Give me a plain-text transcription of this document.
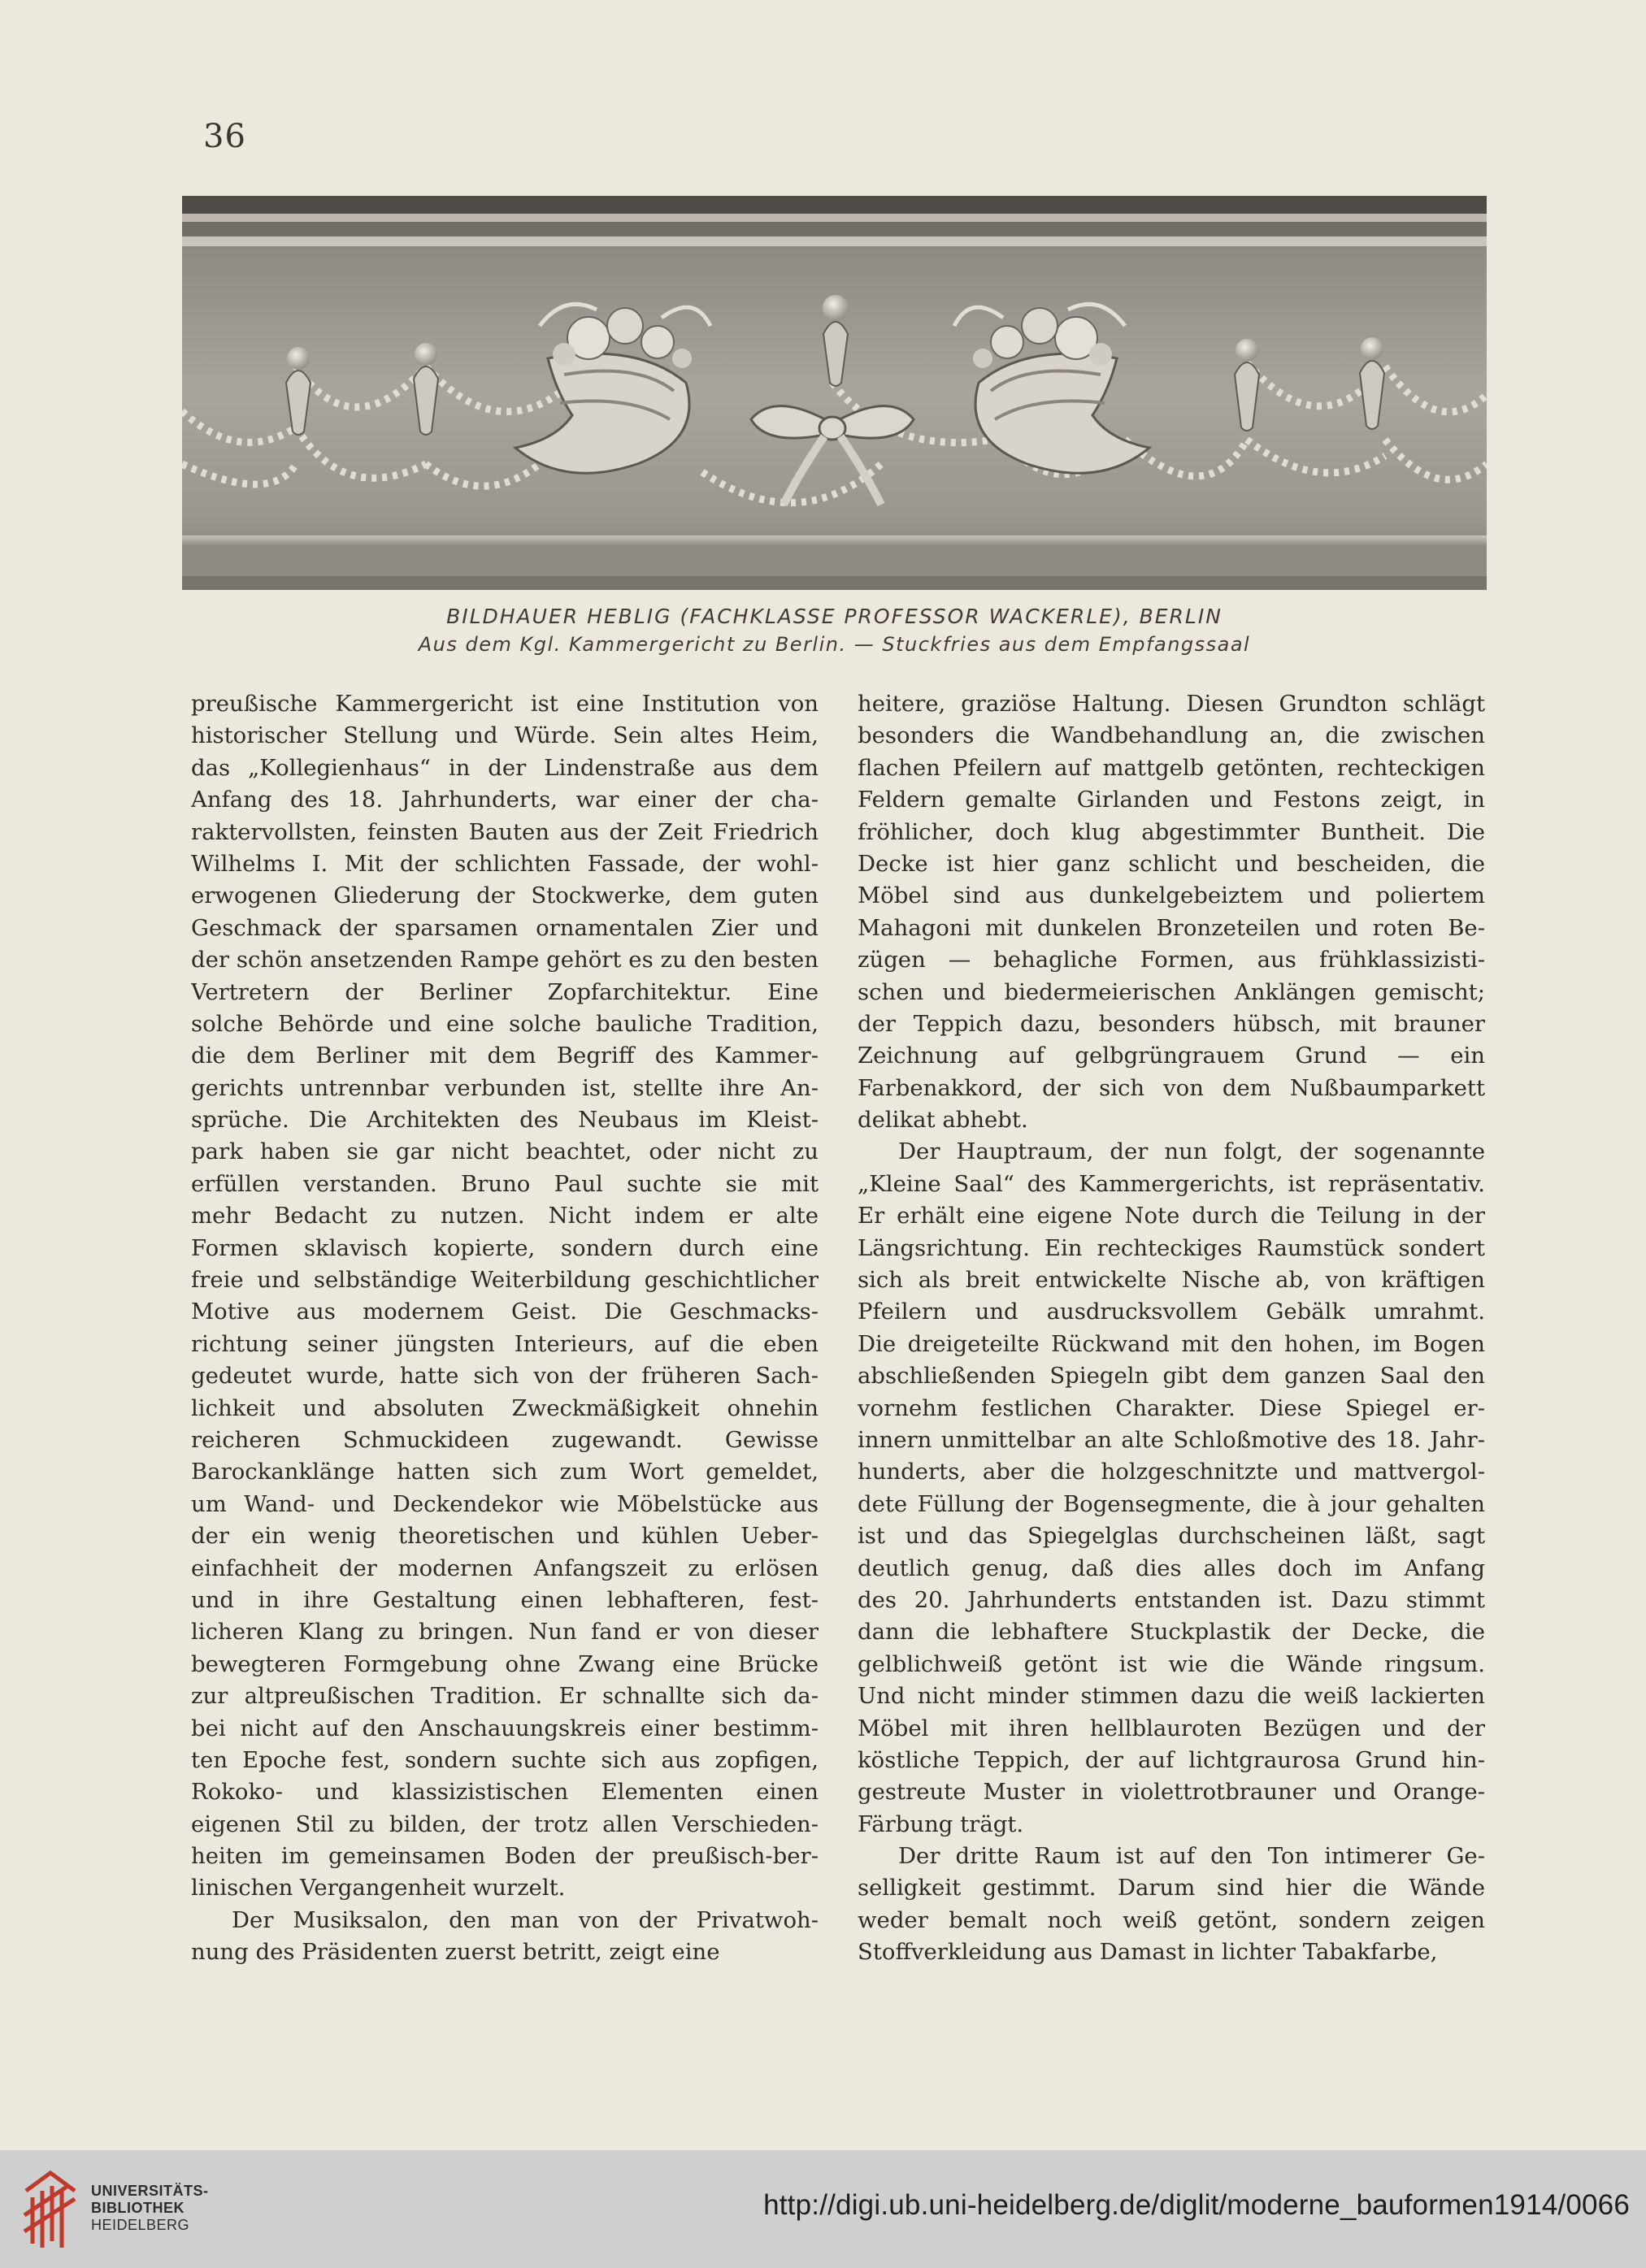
36
BILDHAUER HEBLIG (FACHKLASSE PROFESSOR WACKERLE), BERLIN
Aus dem Kgl. Kammergericht zu Berlin. — Stuckfries aus dem Empfangssaal
preußische Kammergericht ist eine Institution von
historischer Stellung und Würde. Sein altes Heim,
das „Kollegienhaus“ in der Lindenstraße aus dem
Anfang des 18. Jahrhunderts, war einer der cha-
raktervollsten, feinsten Bauten aus der Zeit Friedrich
Wilhelms I. Mit der schlichten Fassade, der wohl-
erwogenen Gliederung der Stockwerke, dem guten
Geschmack der sparsamen ornamentalen Zier und
der schön ansetzenden Rampe gehört es zu den besten
Vertretern der Berliner Zopfarchitektur. Eine
solche Behörde und eine solche bauliche Tradition,
die dem Berliner mit dem Begriff des Kammer-
gerichts untrennbar verbunden ist, stellte ihre An-
sprüche. Die Architekten des Neubaus im Kleist-
park haben sie gar nicht beachtet, oder nicht zu
erfüllen verstanden. Bruno Paul suchte sie mit
mehr Bedacht zu nutzen. Nicht indem er alte
Formen sklavisch kopierte, sondern durch eine
freie und selbständige Weiterbildung geschichtlicher
Motive aus modernem Geist. Die Geschmacks-
richtung seiner jüngsten Interieurs, auf die eben
gedeutet wurde, hatte sich von der früheren Sach-
lichkeit und absoluten Zweckmäßigkeit ohnehin
reicheren Schmuckideen zugewandt. Gewisse
Barockanklänge hatten sich zum Wort gemeldet,
um Wand- und Deckendekor wie Möbelstücke aus
der ein wenig theoretischen und kühlen Ueber-
einfachheit der modernen Anfangszeit zu erlösen
und in ihre Gestaltung einen lebhafteren, fest-
licheren Klang zu bringen. Nun fand er von dieser
bewegteren Formgebung ohne Zwang eine Brücke
zur altpreußischen Tradition. Er schnallte sich da-
bei nicht auf den Anschauungskreis einer bestimm-
ten Epoche fest, sondern suchte sich aus zopfigen,
Rokoko- und klassizistischen Elementen einen
eigenen Stil zu bilden, der trotz allen Verschieden-
heiten im gemeinsamen Boden der preußisch-ber-
linischen Vergangenheit wurzelt.
Der Musiksalon, den man von der Privatwoh-
nung des Präsidenten zuerst betritt, zeigt eine
heitere, graziöse Haltung. Diesen Grundton schlägt
besonders die Wandbehandlung an, die zwischen
flachen Pfeilern auf mattgelb getönten, rechteckigen
Feldern gemalte Girlanden und Festons zeigt, in
fröhlicher, doch klug abgestimmter Buntheit. Die
Decke ist hier ganz schlicht und bescheiden, die
Möbel sind aus dunkelgebeiztem und poliertem
Mahagoni mit dunkelen Bronzeteilen und roten Be-
zügen — behagliche Formen, aus frühklassizisti-
schen und biedermeierischen Anklängen gemischt;
der Teppich dazu, besonders hübsch, mit brauner
Zeichnung auf gelbgrüngrauem Grund — ein
Farbenakkord, der sich von dem Nußbaumparkett
delikat abhebt.
Der Hauptraum, der nun folgt, der sogenannte
„Kleine Saal“ des Kammergerichts, ist repräsentativ.
Er erhält eine eigene Note durch die Teilung in der
Längsrichtung. Ein rechteckiges Raumstück sondert
sich als breit entwickelte Nische ab, von kräftigen
Pfeilern und ausdrucksvollem Gebälk umrahmt.
Die dreigeteilte Rückwand mit den hohen, im Bogen
abschließenden Spiegeln gibt dem ganzen Saal den
vornehm festlichen Charakter. Diese Spiegel er-
innern unmittelbar an alte Schloßmotive des 18. Jahr-
hunderts, aber die holzgeschnitzte und mattvergol-
dete Füllung der Bogensegmente, die à jour gehalten
ist und das Spiegelglas durchscheinen läßt, sagt
deutlich genug, daß dies alles doch im Anfang
des 20. Jahrhunderts entstanden ist. Dazu stimmt
dann die lebhaftere Stuckplastik der Decke, die
gelblichweiß getönt ist wie die Wände ringsum.
Und nicht minder stimmen dazu die weiß lackierten
Möbel mit ihren hellblauroten Bezügen und der
köstliche Teppich, der auf lichtgraurosa Grund hin-
gestreute Muster in violettrotbrauner und Orange-
Färbung trägt.
Der dritte Raum ist auf den Ton intimerer Ge-
selligkeit gestimmt. Darum sind hier die Wände
weder bemalt noch weiß getönt, sondern zeigen
Stoffverkleidung aus Damast in lichter Tabakfarbe,
UNIVERSITÄTS-
BIBLIOTHEK
HEIDELBERG
http://digi.ub.uni-heidelberg.de/diglit/moderne_bauformen1914/0066
